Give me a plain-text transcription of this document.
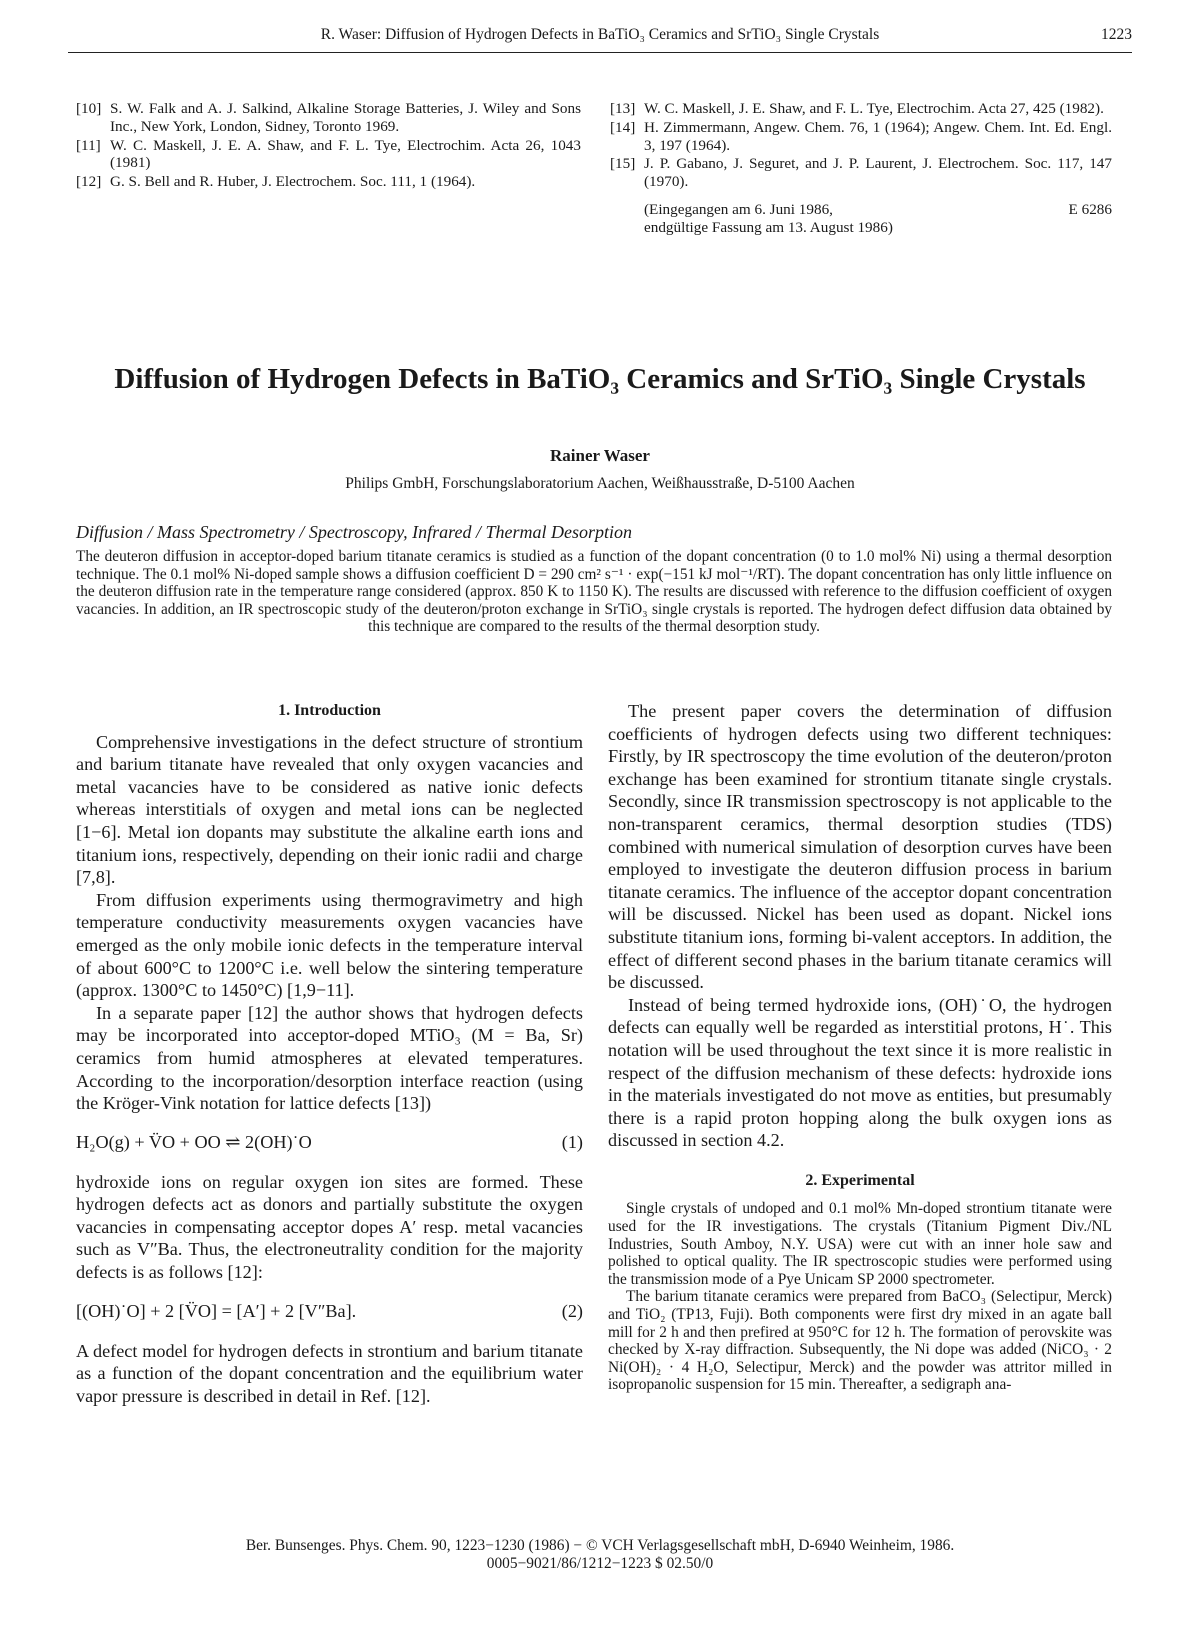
R. Waser: Diffusion of Hydrogen Defects in BaTiO₃ Ceramics and SrTiO₃ Single Crystals	1223
[10] S. W. Falk and A. J. Salkind, Alkaline Storage Batteries, J. Wiley and Sons Inc., New York, London, Sidney, Toronto 1969.
[11] W. C. Maskell, J. E. A. Shaw, and F. L. Tye, Electrochim. Acta 26, 1043 (1981)
[12] G. S. Bell and R. Huber, J. Electrochem. Soc. 111, 1 (1964).
[13] W. C. Maskell, J. E. Shaw, and F. L. Tye, Electrochim. Acta 27, 425 (1982).
[14] H. Zimmermann, Angew. Chem. 76, 1 (1964); Angew. Chem. Int. Ed. Engl. 3, 197 (1964).
[15] J. P. Gabano, J. Seguret, and J. P. Laurent, J. Electrochem. Soc. 117, 147 (1970).
(Eingegangen am 6. Juni 1986,
endgültige Fassung am 13. August 1986)
E 6286
Diffusion of Hydrogen Defects in BaTiO₃ Ceramics and SrTiO₃ Single Crystals
Rainer Waser
Philips GmbH, Forschungslaboratorium Aachen, Weißhausstraße, D-5100 Aachen
Diffusion / Mass Spectrometry / Spectroscopy, Infrared / Thermal Desorption
The deuteron diffusion in acceptor-doped barium titanate ceramics is studied as a function of the dopant concentration (0 to 1.0 mol% Ni) using a thermal desorption technique. The 0.1 mol% Ni-doped sample shows a diffusion coefficient D = 290 cm² s⁻¹ · exp(−151 kJ mol⁻¹/RT). The dopant concentration has only little influence on the deuteron diffusion rate in the temperature range considered (approx. 850 K to 1150 K). The results are discussed with reference to the diffusion coefficient of oxygen vacancies. In addition, an IR spectroscopic study of the deuteron/proton exchange in SrTiO₃ single crystals is reported. The hydrogen defect diffusion data obtained by this technique are compared to the results of the thermal desorption study.
1. Introduction

Comprehensive investigations in the defect structure of strontium and barium titanate have revealed that only oxygen vacancies and metal vacancies have to be considered as native ionic defects whereas interstitials of oxygen and metal ions can be neglected [1−6]. Metal ion dopants may substitute the alkaline earth ions and titanium ions, respectively, depending on their ionic radii and charge [7,8].

From diffusion experiments using thermogravimetry and high temperature conductivity measurements oxygen vacancies have emerged as the only mobile ionic defects in the temperature interval of about 600°C to 1200°C i.e. well below the sintering temperature (approx. 1300°C to 1450°C) [1,9−11].

In a separate paper [12] the author shows that hydrogen defects may be incorporated into acceptor-doped MTiO₃ (M = Ba, Sr) ceramics from humid atmospheres at elevated temperatures. According to the incorporation/desorption interface reaction (using the Kröger-Vink notation for lattice defects [13])

H₂O(g) + V̈O + OO ⇌ 2(OH)˙O	(1)

hydroxide ions on regular oxygen ion sites are formed. These hydrogen defects act as donors and partially substitute the oxygen vacancies in compensating acceptor dopes A′ resp. metal vacancies such as V″Ba. Thus, the electroneutrality condition for the majority defects is as follows [12]:

[(OH)˙O] + 2 [V̈O] = [A′] + 2 [V″Ba].	(2)

A defect model for hydrogen defects in strontium and barium titanate as a function of the dopant concentration and the equilibrium water vapor pressure is described in detail in Ref. [12].

The present paper covers the determination of diffusion coefficients of hydrogen defects using two different techniques: Firstly, by IR spectroscopy the time evolution of the deuteron/proton exchange has been examined for strontium titanate single crystals. Secondly, since IR transmission spectroscopy is not applicable to the non-transparent ceramics, thermal desorption studies (TDS) combined with numerical simulation of desorption curves have been employed to investigate the deuteron diffusion process in barium titanate ceramics. The influence of the acceptor dopant concentration will be discussed. Nickel has been used as dopant. Nickel ions substitute titanium ions, forming bi-valent acceptors. In addition, the effect of different second phases in the barium titanate ceramics will be discussed.

Instead of being termed hydroxide ions, (OH)˙O, the hydrogen defects can equally well be regarded as interstitial protons, H˙. This notation will be used throughout the text since it is more realistic in respect of the diffusion mechanism of these defects: hydroxide ions in the materials investigated do not move as entities, but presumably there is a rapid proton hopping along the bulk oxygen ions as discussed in section 4.2.

2. Experimental

Single crystals of undoped and 0.1 mol% Mn-doped strontium titanate were used for the IR investigations. The crystals (Titanium Pigment Div./NL Industries, South Amboy, N.Y. USA) were cut with an inner hole saw and polished to optical quality. The IR spectroscopic studies were performed using the transmission mode of a Pye Unicam SP 2000 spectrometer.

The barium titanate ceramics were prepared from BaCO₃ (Selectipur, Merck) and TiO₂ (TP13, Fuji). Both components were first dry mixed in an agate ball mill for 2 h and then prefired at 950°C for 12 h. The formation of perovskite was checked by X-ray diffraction. Subsequently, the Ni dope was added (NiCO₃ · 2 Ni(OH)₂ · 4 H₂O, Selectipur, Merck) and the powder was attritor milled in isopropanolic suspension for 15 min. Thereafter, a sedigraph ana-

Ber. Bunsenges. Phys. Chem. 90, 1223−1230 (1986) − © VCH Verlagsgesellschaft mbH, D-6940 Weinheim, 1986.
0005−9021/86/1212−1223 $ 02.50/0
